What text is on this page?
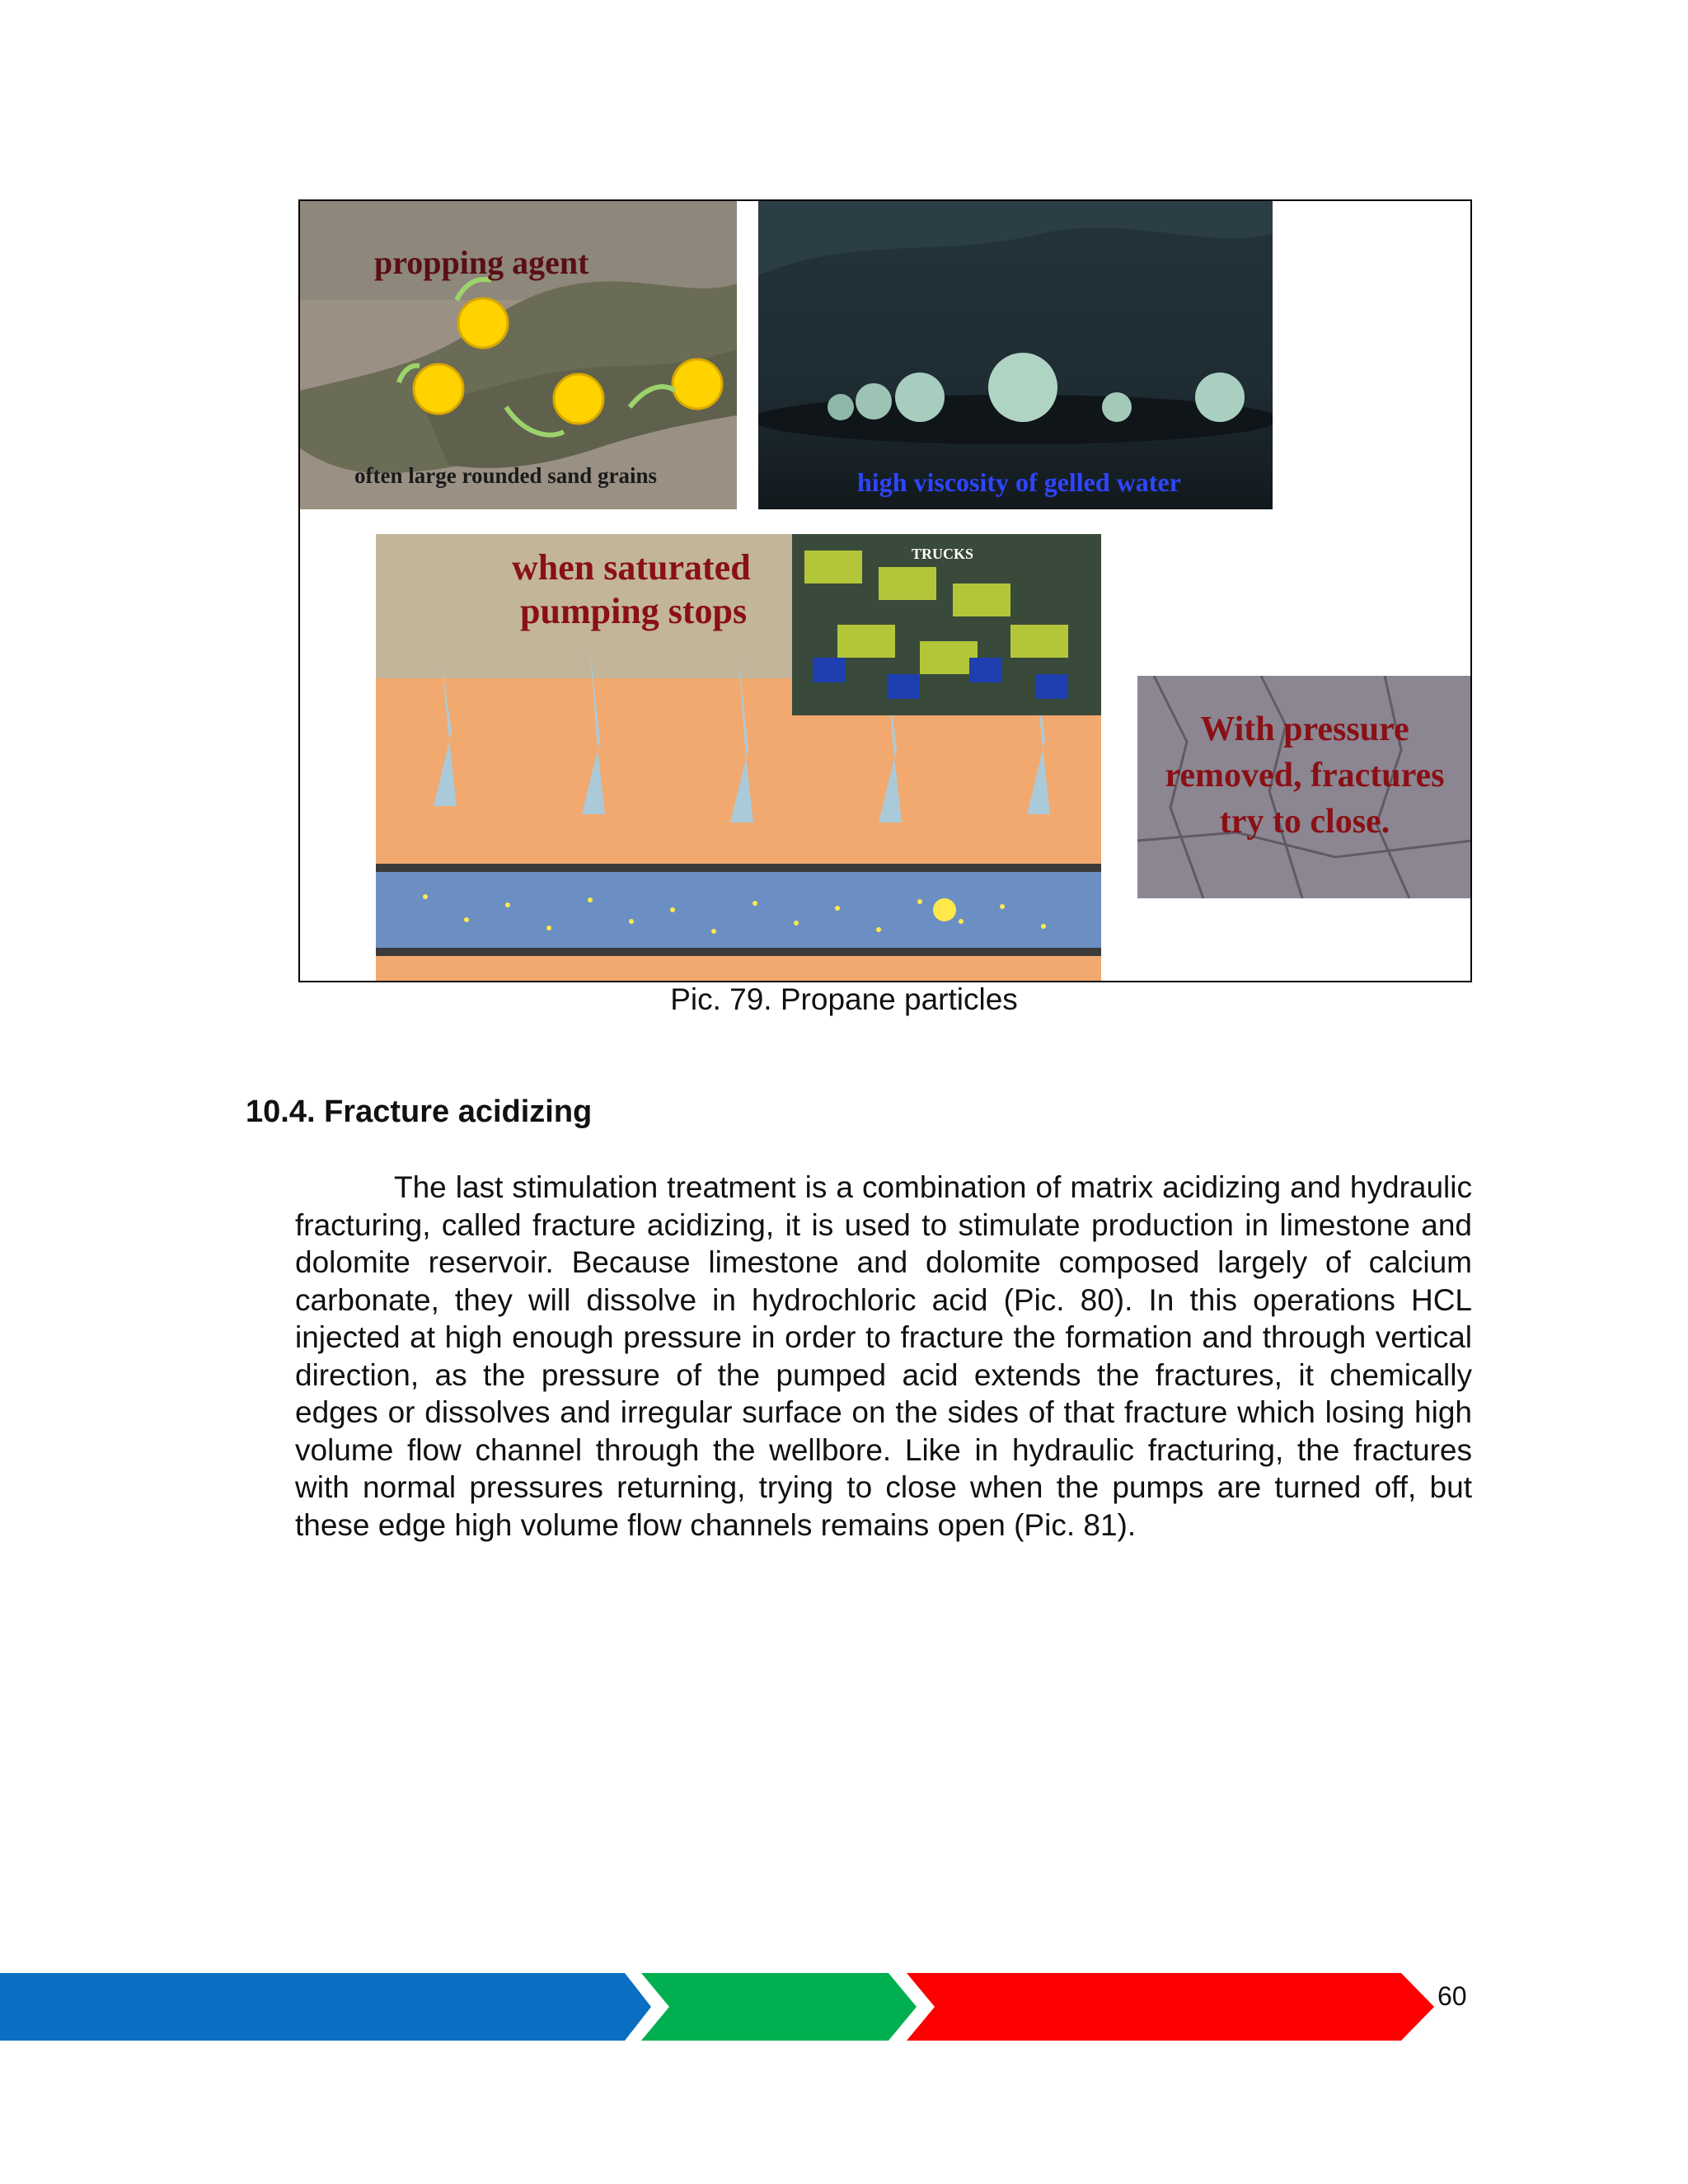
propping agent
often large rounded sand grains	high viscosity of gelled water
TRUCKS
when saturated
pumping stops
With pressure
removed, fractures
try to close.
Pic. 79. Propane particles
10.4. Fracture acidizing

The last stimulation treatment is a combination of matrix acidizing and hydraulic fracturing, called fracture acidizing, it is used to stimulate production in limestone and dolomite reservoir. Because limestone and dolomite composed largely of calcium carbonate, they will dissolve in hydrochloric acid (Pic. 80). In this operations HCL injected at high enough pressure in order to fracture the formation and through vertical direction, as the pressure of the pumped acid extends the fractures, it chemically edges or dissolves and irregular surface on the sides of that fracture which losing high volume flow channel through the wellbore. Like in hydraulic fracturing, the fractures with normal pressures returning, trying to close when the pumps are turned off, but these edge high volume flow channels remains open (Pic. 81).

60
